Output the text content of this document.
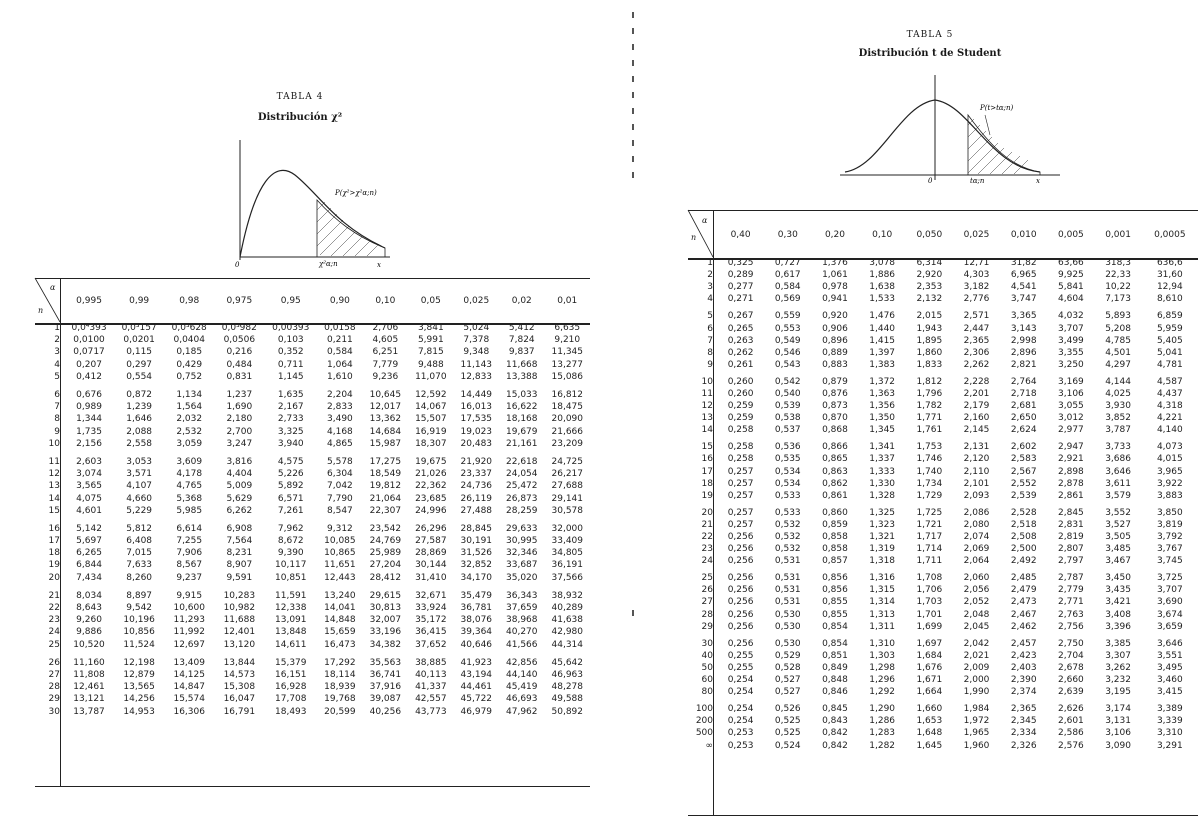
TABLA 4
Distribución χ²
P(χ²>χ²α;n)
χ²α;n	x
0
α
n
	0,995	0,99	0,98	0,975	0,95	0,90	0,10	0,05	0,025	0,02	0,01

1	0,0⁴393	0,0³157	0,0³628	0,0³982	0,00393	0,0158	2,706	3,841	5,024	5,412	6,635
2	0,0100	0,0201	0,0404	0,0506	0,103	0,211	4,605	5,991	7,378	7,824	9,210
3	0,0717	0,115	0,185	0,216	0,352	0,584	6,251	7,815	9,348	9,837	11,345
4	0,207	0,297	0,429	0,484	0,711	1,064	7,779	9,488	11,143	11,668	13,277
5	0,412	0,554	0,752	0,831	1,145	1,610	9,236	11,070	12,833	13,388	15,086

6	0,676	0,872	1,134	1,237	1,635	2,204	10,645	12,592	14,449	15,033	16,812
7	0,989	1,239	1,564	1,690	2,167	2,833	12,017	14,067	16,013	16,622	18,475
8	1,344	1,646	2,032	2,180	2,733	3,490	13,362	15,507	17,535	18,168	20,090
9	1,735	2,088	2,532	2,700	3,325	4,168	14,684	16,919	19,023	19,679	21,666
10	2,156	2,558	3,059	3,247	3,940	4,865	15,987	18,307	20,483	21,161	23,209

11	2,603	3,053	3,609	3,816	4,575	5,578	17,275	19,675	21,920	22,618	24,725
12	3,074	3,571	4,178	4,404	5,226	6,304	18,549	21,026	23,337	24,054	26,217
13	3,565	4,107	4,765	5,009	5,892	7,042	19,812	22,362	24,736	25,472	27,688
14	4,075	4,660	5,368	5,629	6,571	7,790	21,064	23,685	26,119	26,873	29,141
15	4,601	5,229	5,985	6,262	7,261	8,547	22,307	24,996	27,488	28,259	30,578

16	5,142	5,812	6,614	6,908	7,962	9,312	23,542	26,296	28,845	29,633	32,000
17	5,697	6,408	7,255	7,564	8,672	10,085	24,769	27,587	30,191	30,995	33,409
18	6,265	7,015	7,906	8,231	9,390	10,865	25,989	28,869	31,526	32,346	34,805
19	6,844	7,633	8,567	8,907	10,117	11,651	27,204	30,144	32,852	33,687	36,191
20	7,434	8,260	9,237	9,591	10,851	12,443	28,412	31,410	34,170	35,020	37,566

21	8,034	8,897	9,915	10,283	11,591	13,240	29,615	32,671	35,479	36,343	38,932
22	8,643	9,542	10,600	10,982	12,338	14,041	30,813	33,924	36,781	37,659	40,289
23	9,260	10,196	11,293	11,688	13,091	14,848	32,007	35,172	38,076	38,968	41,638
24	9,886	10,856	11,992	12,401	13,848	15,659	33,196	36,415	39,364	40,270	42,980
25	10,520	11,524	12,697	13,120	14,611	16,473	34,382	37,652	40,646	41,566	44,314

26	11,160	12,198	13,409	13,844	15,379	17,292	35,563	38,885	41,923	42,856	45,642
27	11,808	12,879	14,125	14,573	16,151	18,114	36,741	40,113	43,194	44,140	46,963
28	12,461	13,565	14,847	15,308	16,928	18,939	37,916	41,337	44,461	45,419	48,278
29	13,121	14,256	15,574	16,047	17,708	19,768	39,087	42,557	45,722	46,693	49,588
30	13,787	14,953	16,306	16,791	18,493	20,599	40,256	43,773	46,979	47,962	50,892
TABLA 5
Distribución t de Student
P(t>tα;n)
tα;n	x
0
α
n
		0,40	0,30	0,20	0,10	0,050	0,025	0,010	0,005	0,001	0,0005

1	0,325	0,727	1,376	3,078	6,314	12,71	31,82	63,66	318,3	636,6
2	0,289	0,617	1,061	1,886	2,920	4,303	6,965	9,925	22,33	31,60
3	0,277	0,584	0,978	1,638	2,353	3,182	4,541	5,841	10,22	12,94
4	0,271	0,569	0,941	1,533	2,132	2,776	3,747	4,604	7,173	8,610

5	0,267	0,559	0,920	1,476	2,015	2,571	3,365	4,032	5,893	6,859
6	0,265	0,553	0,906	1,440	1,943	2,447	3,143	3,707	5,208	5,959
7	0,263	0,549	0,896	1,415	1,895	2,365	2,998	3,499	4,785	5,405
8	0,262	0,546	0,889	1,397	1,860	2,306	2,896	3,355	4,501	5,041
9	0,261	0,543	0,883	1,383	1,833	2,262	2,821	3,250	4,297	4,781

10	0,260	0,542	0,879	1,372	1,812	2,228	2,764	3,169	4,144	4,587
11	0,260	0,540	0,876	1,363	1,796	2,201	2,718	3,106	4,025	4,437
12	0,259	0,539	0,873	1,356	1,782	2,179	2,681	3,055	3,930	4,318
13	0,259	0,538	0,870	1,350	1,771	2,160	2,650	3,012	3,852	4,221
14	0,258	0,537	0,868	1,345	1,761	2,145	2,624	2,977	3,787	4,140

15	0,258	0,536	0,866	1,341	1,753	2,131	2,602	2,947	3,733	4,073
16	0,258	0,535	0,865	1,337	1,746	2,120	2,583	2,921	3,686	4,015
17	0,257	0,534	0,863	1,333	1,740	2,110	2,567	2,898	3,646	3,965
18	0,257	0,534	0,862	1,330	1,734	2,101	2,552	2,878	3,611	3,922
19	0,257	0,533	0,861	1,328	1,729	2,093	2,539	2,861	3,579	3,883

20	0,257	0,533	0,860	1,325	1,725	2,086	2,528	2,845	3,552	3,850
21	0,257	0,532	0,859	1,323	1,721	2,080	2,518	2,831	3,527	3,819
22	0,256	0,532	0,858	1,321	1,717	2,074	2,508	2,819	3,505	3,792
23	0,256	0,532	0,858	1,319	1,714	2,069	2,500	2,807	3,485	3,767
24	0,256	0,531	0,857	1,318	1,711	2,064	2,492	2,797	3,467	3,745

25	0,256	0,531	0,856	1,316	1,708	2,060	2,485	2,787	3,450	3,725
26	0,256	0,531	0,856	1,315	1,706	2,056	2,479	2,779	3,435	3,707
27	0,256	0,531	0,855	1,314	1,703	2,052	2,473	2,771	3,421	3,690
28	0,256	0,530	0,855	1,313	1,701	2,048	2,467	2,763	3,408	3,674
29	0,256	0,530	0,854	1,311	1,699	2,045	2,462	2,756	3,396	3,659

30	0,256	0,530	0,854	1,310	1,697	2,042	2,457	2,750	3,385	3,646
40	0,255	0,529	0,851	1,303	1,684	2,021	2,423	2,704	3,307	3,551
50	0,255	0,528	0,849	1,298	1,676	2,009	2,403	2,678	3,262	3,495
60	0,254	0,527	0,848	1,296	1,671	2,000	2,390	2,660	3,232	3,460
80	0,254	0,527	0,846	1,292	1,664	1,990	2,374	2,639	3,195	3,415

100	0,254	0,526	0,845	1,290	1,660	1,984	2,365	2,626	3,174	3,389
200	0,254	0,525	0,843	1,286	1,653	1,972	2,345	2,601	3,131	3,339
500	0,253	0,525	0,842	1,283	1,648	1,965	2,334	2,586	3,106	3,310
∞	0,253	0,524	0,842	1,282	1,645	1,960	2,326	2,576	3,090	3,291
